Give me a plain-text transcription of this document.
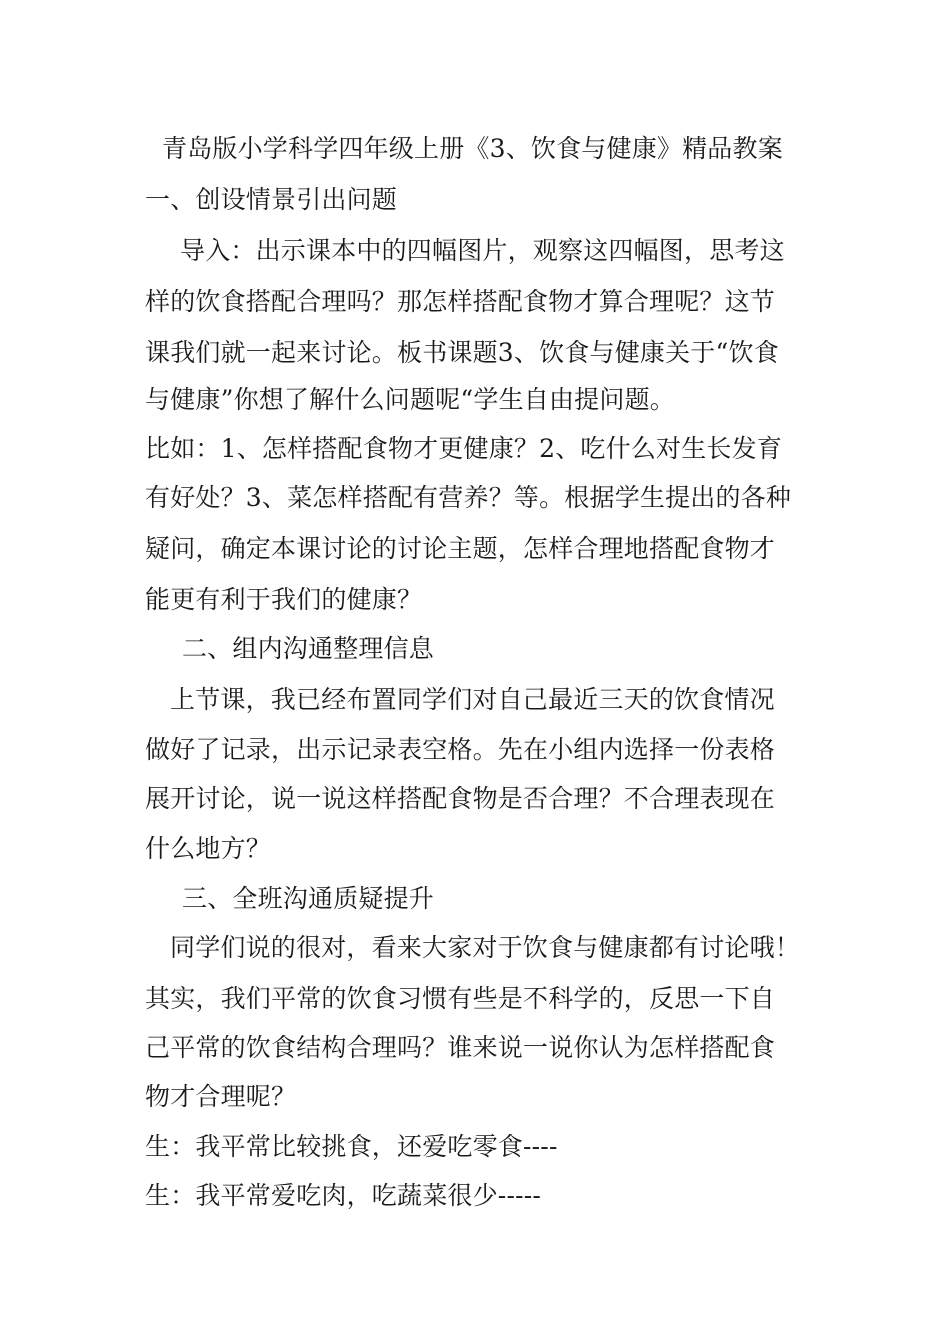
青岛版小学科学四年级上册《3、饮食与健康》精品教案
一、创设情景引出问题
导入：出示课本中的四幅图片，观察这四幅图，思考这
样的饮食搭配合理吗？那怎样搭配食物才算合理呢？这节
课我们就一起来讨论。板书课题3、饮食与健康关于“饮食
与健康”你想了解什么问题呢“学生自由提问题。
比如：1、怎样搭配食物才更健康？2、吃什么对生长发育
有好处？3、菜怎样搭配有营养？等。根据学生提出的各种
疑问，确定本课讨论的讨论主题，怎样合理地搭配食物才
能更有利于我们的健康？
二、组内沟通整理信息
上节课，我已经布置同学们对自己最近三天的饮食情况
做好了记录，出示记录表空格。先在小组内选择一份表格
展开讨论，说一说这样搭配食物是否合理？不合理表现在
什么地方？
三、全班沟通质疑提升
同学们说的很对，看来大家对于饮食与健康都有讨论哦！
其实，我们平常的饮食习惯有些是不科学的，反思一下自
己平常的饮食结构合理吗？谁来说一说你认为怎样搭配食
物才合理呢？
生：我平常比较挑食，还爱吃零食----
生：我平常爱吃肉，吃蔬菜很少-----
